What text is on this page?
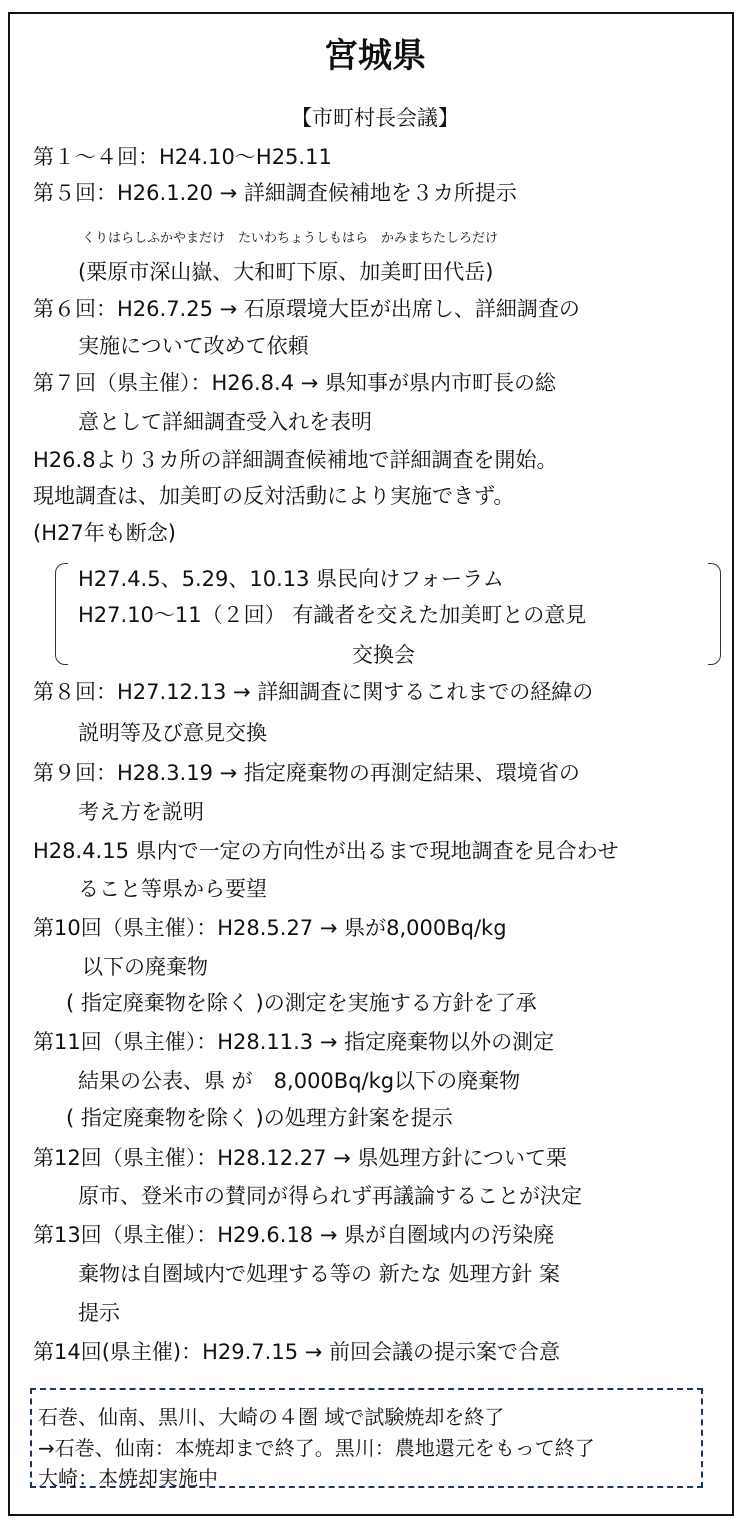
宮城県
【市町村長会議】
第１～４回：H24.10～H25.11
第５回：H26.1.20 → 詳細調査候補地を３カ所提示
くりはらしふかやまだけ　たいわちょうしもはら　かみまちたしろだけ
(栗原市深山嶽、大和町下原、加美町田代岳)
第６回：H26.7.25 → 石原環境大臣が出席し、詳細調査の
実施について改めて依頼
第７回（県主催）：H26.8.4 → 県知事が県内市町長の総
意として詳細調査受入れを表明
H26.8より３カ所の詳細調査候補地で詳細調査を開始。
現地調査は、加美町の反対活動により実施できず。
(H27年も断念)
H27.4.5、5.29、10.13 県民向けフォーラム
H27.10～11（２回） 有識者を交えた加美町との意見
交換会
第８回：H27.12.13 → 詳細調査に関するこれまでの経緯の
説明等及び意見交換
第９回：H28.3.19 → 指定廃棄物の再測定結果、環境省の
考え方を説明
H28.4.15 県内で一定の方向性が出るまで現地調査を見合わせ
ること等県から要望
第10回（県主催）：H28.5.27 → 県が8,000Bq/kg
以下の廃棄物
( 指定廃棄物を除く )の測定を実施する方針を了承
第11回（県主催）：H28.11.3 → 指定廃棄物以外の測定
結果の公表、県 が　8,000Bq/kg以下の廃棄物
( 指定廃棄物を除く )の処理方針案を提示
第12回（県主催）：H28.12.27 → 県処理方針について栗
原市、登米市の賛同が得られず再議論することが決定
第13回（県主催）：H29.6.18 → 県が自圏域内の汚染廃
棄物は自圏域内で処理する等の 新たな 処理方針 案
提示
第14回(県主催)：H29.7.15 → 前回会議の提示案で合意
石巻、仙南、黒川、大崎の４圏 域で試験焼却を終了
→石巻、仙南：本焼却まで終了。黒川：農地還元をもって終了
大崎：本焼却実施中
